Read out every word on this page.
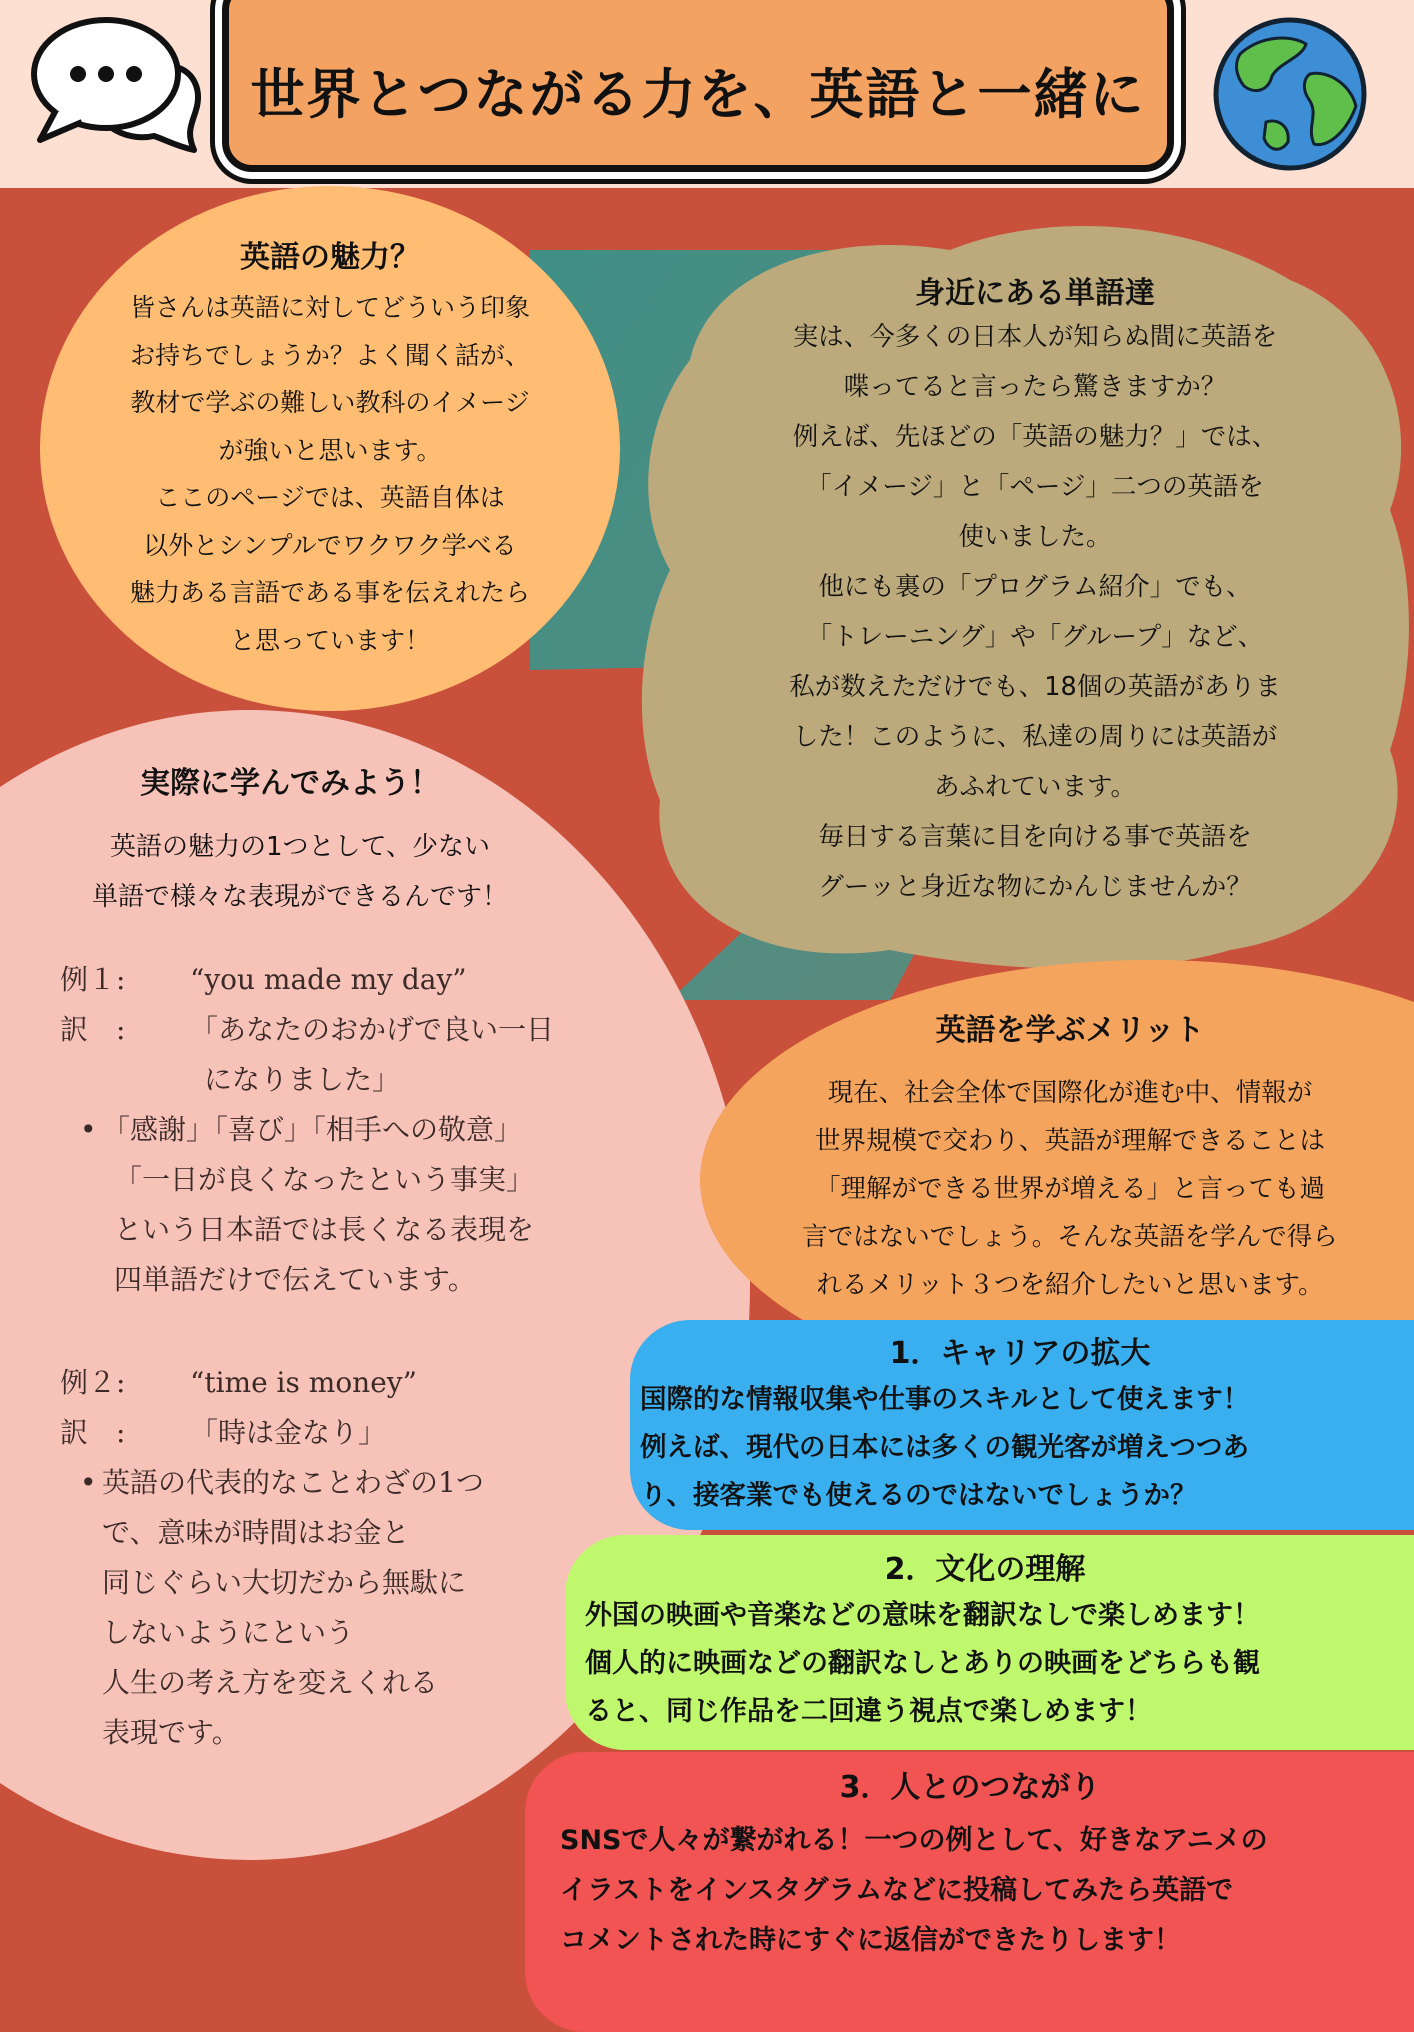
世界とつながる力を、英語と一緒に
英語の魅力？
皆さんは英語に対してどういう印象
お持ちでしょうか？よく聞く話が、
教材で学ぶの難しい教科のイメージ
が強いと思います。
ここのページでは、英語自体は
以外とシンプルでワクワク学べる
魅力ある言語である事を伝えれたら
と思っています！
身近にある単語達
実は、今多くの日本人が知らぬ間に英語を
喋ってると言ったら驚きますか？
例えば、先ほどの「英語の魅力？」では、
「イメージ」と「ページ」二つの英語を
使いました。
他にも裏の「プログラム紹介」でも、
「トレーニング」や「グループ」など、
私が数えただけでも、18個の英語がありま
した！このように、私達の周りには英語が
あふれています。
毎日する言葉に目を向ける事で英語を
グーッと身近な物にかんじませんか？
実際に学んでみよう！
英語の魅力の1つとして、少ない
単語で様々な表現ができるんです！
例１:	“you made my day”
訳　:	「あなたのおかげで良い一日
になりました」
• 「感謝」「喜び」「相手への敬意」
「一日が良くなったという事実」
という日本語では長くなる表現を
四単語だけで伝えています。
例２:	“time is money”
訳　:	「時は金なり」
• 英語の代表的なことわざの1つ
で、意味が時間はお金と
同じぐらい大切だから無駄に
しないようにという
人生の考え方を変えくれる
表現です。
英語を学ぶメリット
現在、社会全体で国際化が進む中、情報が
世界規模で交わり、英語が理解できることは
「理解ができる世界が増える」と言っても過
言ではないでしょう。そんな英語を学んで得ら
れるメリット３つを紹介したいと思います。
1．キャリアの拡大
国際的な情報収集や仕事のスキルとして使えます！
例えば、現代の日本には多くの観光客が増えつつあ
り、接客業でも使えるのではないでしょうか？
2．文化の理解
外国の映画や音楽などの意味を翻訳なしで楽しめます！
個人的に映画などの翻訳なしとありの映画をどちらも観
ると、同じ作品を二回違う視点で楽しめます！
3．人とのつながり
SNSで人々が繋がれる！一つの例として、好きなアニメの
イラストをインスタグラムなどに投稿してみたら英語で
コメントされた時にすぐに返信ができたりします！
